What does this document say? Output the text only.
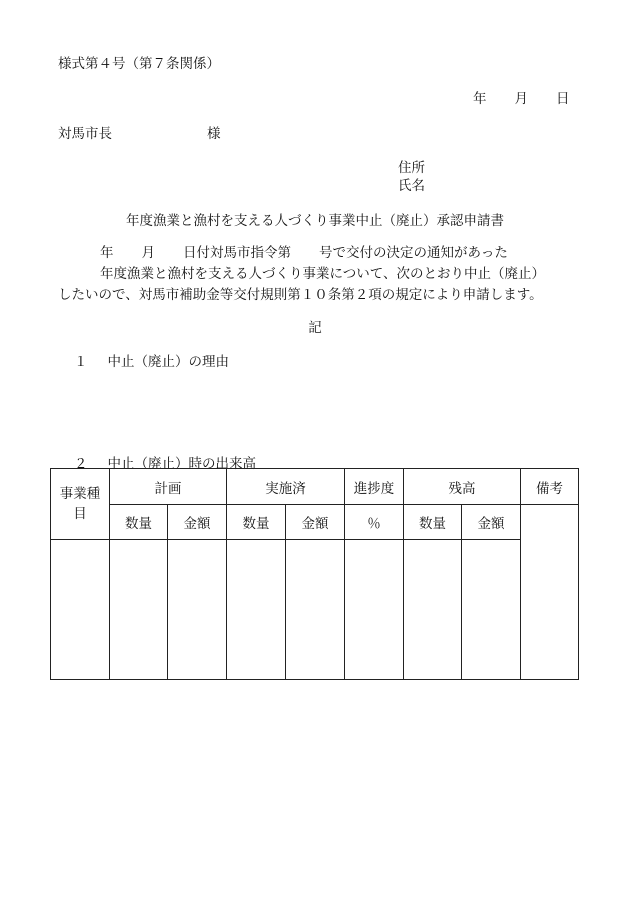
様式第４号（第７条関係）
年 月 日
対馬市長	様
住所
氏名
年度漁業と漁村を支える人づくり事業中止（廃止）承認申請書
年 月 日付対馬市指令第 号で交付の決定の通知があった
年度漁業と漁村を支える人づくり事業について、次のとおり中止（廃止）
したいので、対馬市補助金等交付規則第１０条第２項の規定により申請します。
記
１ 中止（廃止）の理由
２ 中止（廃止）時の出来高
事業種目	計画		実施済		進捗度	残高		備考
	数量	金額	数量	金額	％	数量	金額	
